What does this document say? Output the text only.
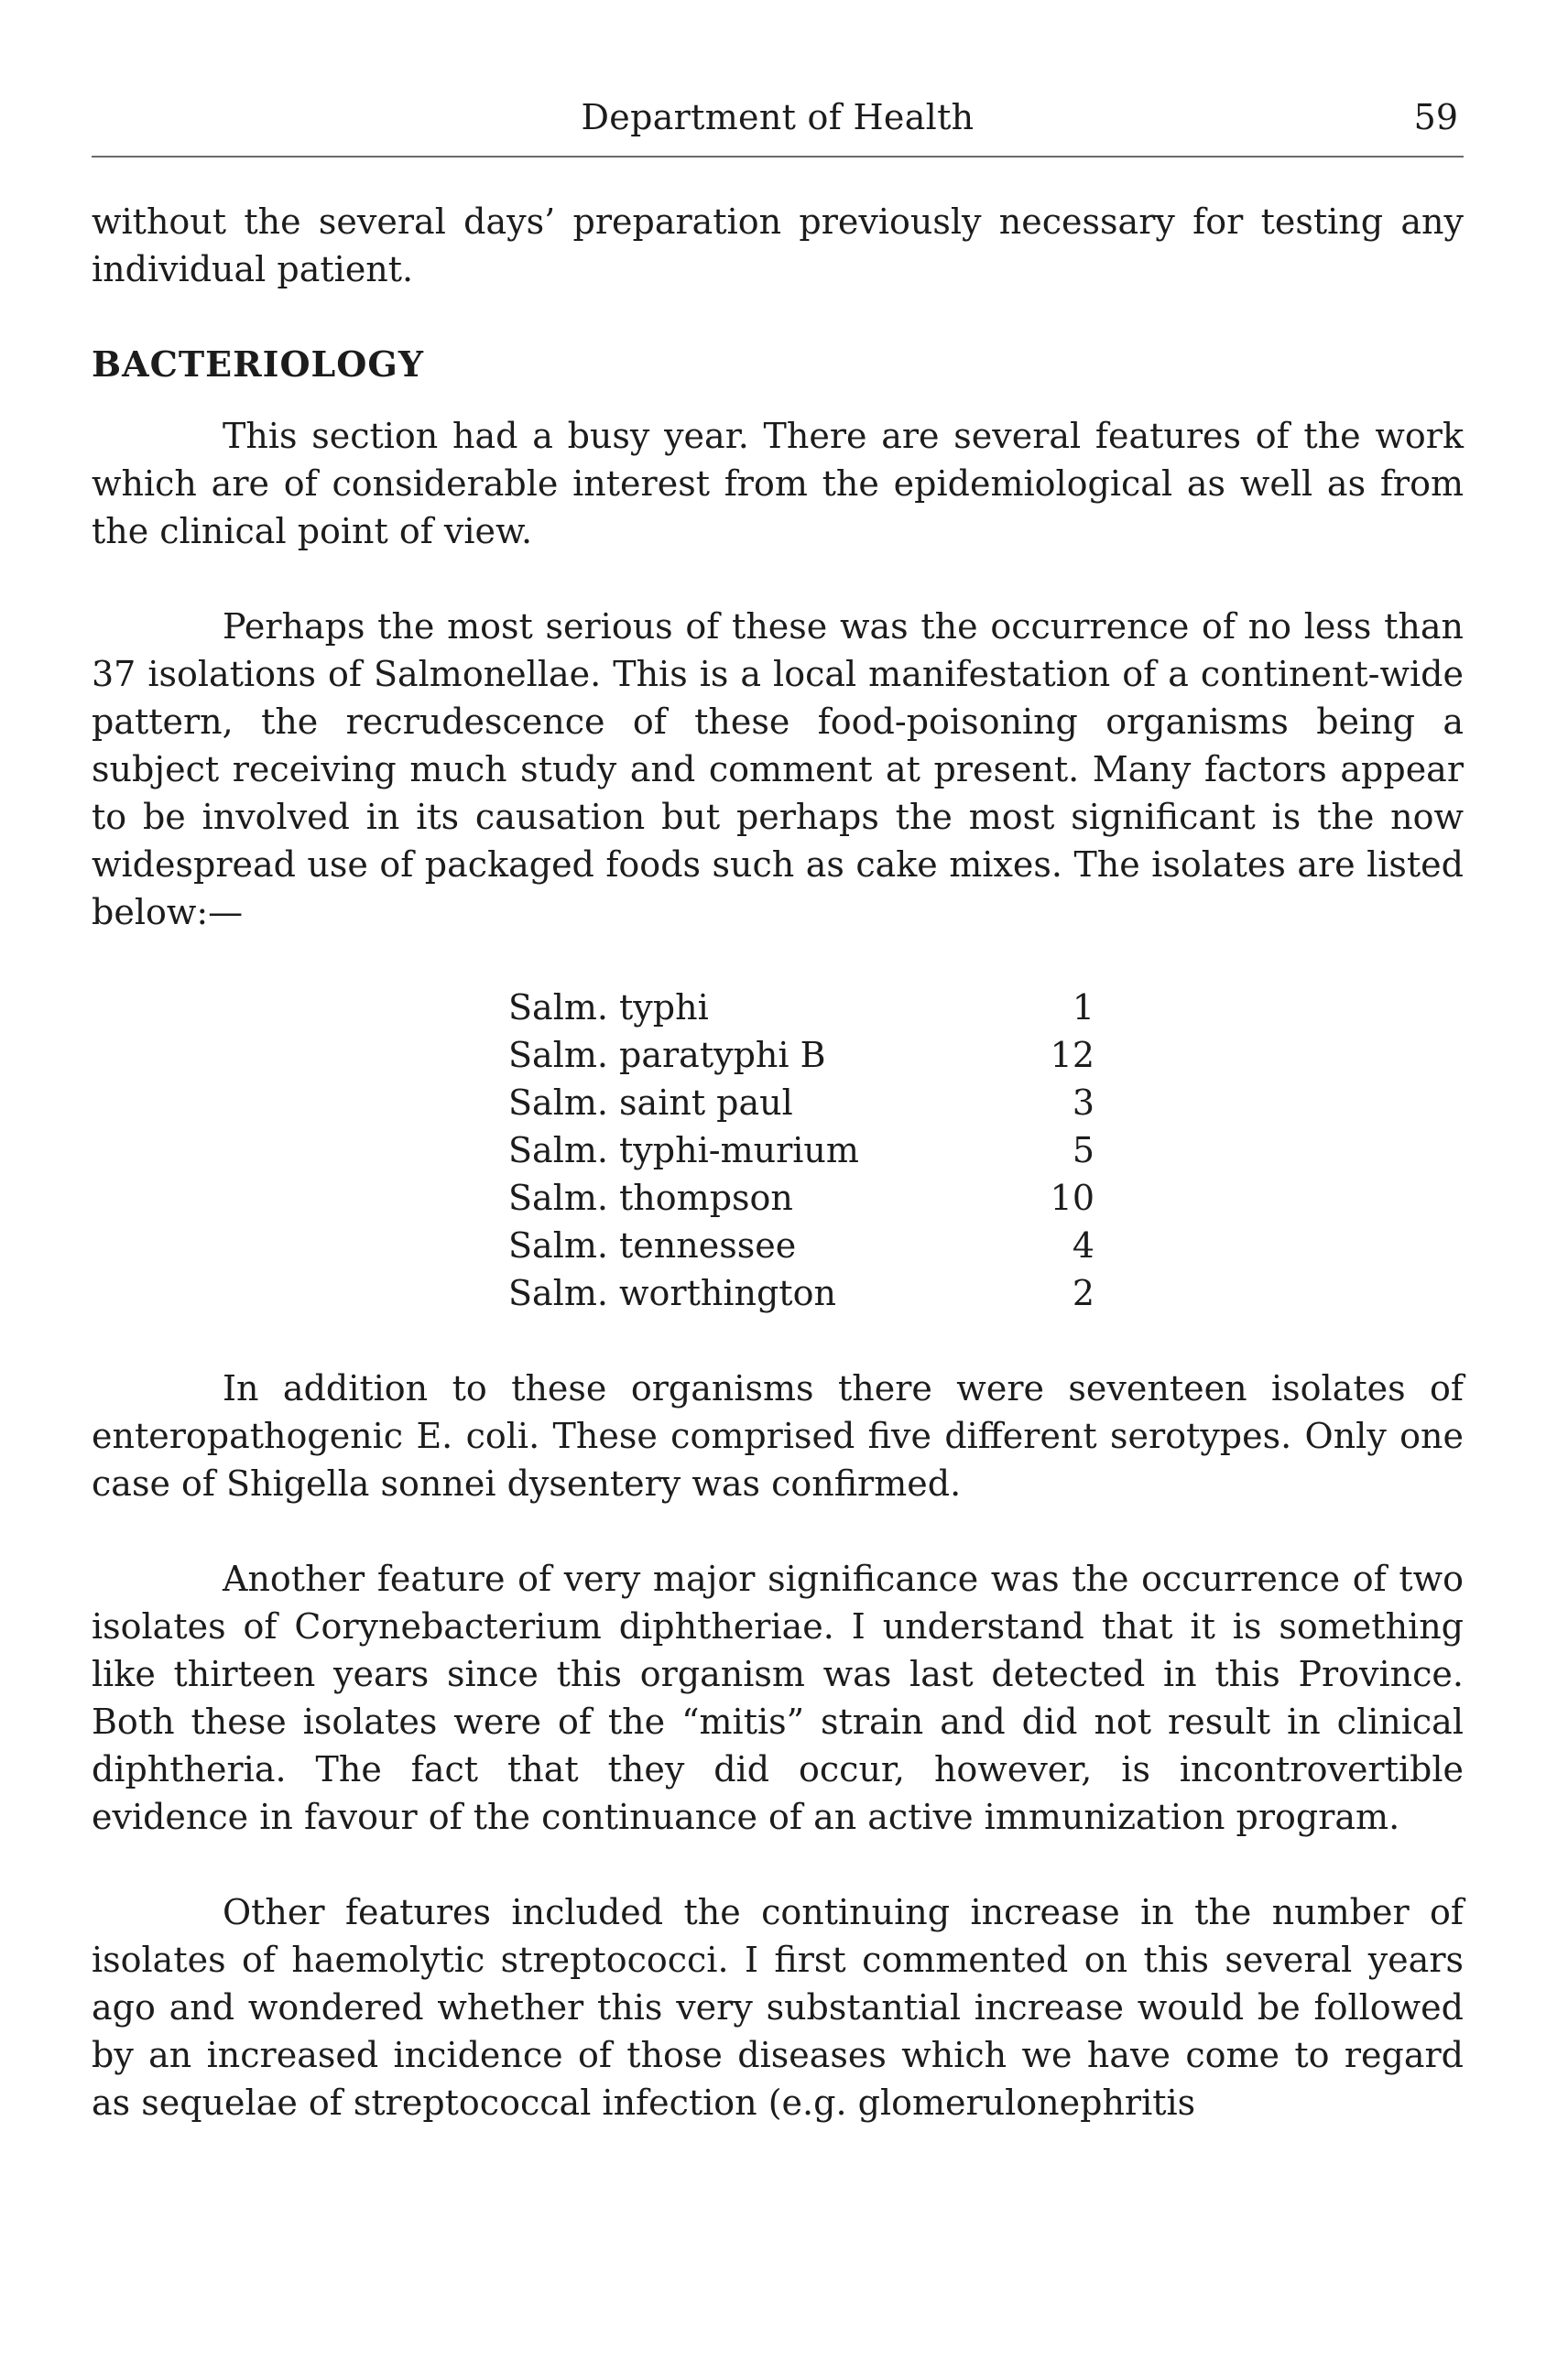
Department of Health	59

without the several days’ preparation previously necessary for testing any individual patient.

BACTERIOLOGY

This section had a busy year. There are several features of the work which are of considerable interest from the epidemiological as well as from the clinical point of view.

Perhaps the most serious of these was the occurrence of no less than 37 isolations of Salmonellae. This is a local manifestation of a continent-wide pattern, the recrudescence of these food-poisoning organisms being a subject receiving much study and comment at present. Many factors appear to be involved in its causation but perhaps the most significant is the now widespread use of packaged foods such as cake mixes. The isolates are listed below:—

Salm. typhi	1
Salm. paratyphi B	12
Salm. saint paul	3
Salm. typhi-murium	5
Salm. thompson	10
Salm. tennessee	4
Salm. worthington	2

In addition to these organisms there were seventeen isolates of enteropathogenic E. coli. These comprised five different serotypes. Only one case of Shigella sonnei dysentery was confirmed.

Another feature of very major significance was the occurrence of two isolates of Corynebacterium diphtheriae. I understand that it is something like thirteen years since this organism was last detected in this Province. Both these isolates were of the “mitis” strain and did not result in clinical diphtheria. The fact that they did occur, however, is incontrovertible evidence in favour of the continuance of an active immunization program.

Other features included the continuing increase in the number of isolates of haemolytic streptococci. I first commented on this several years ago and wondered whether this very substantial increase would be followed by an increased incidence of those diseases which we have come to regard as sequelae of streptococcal infection (e.g. glomerulonephritis
